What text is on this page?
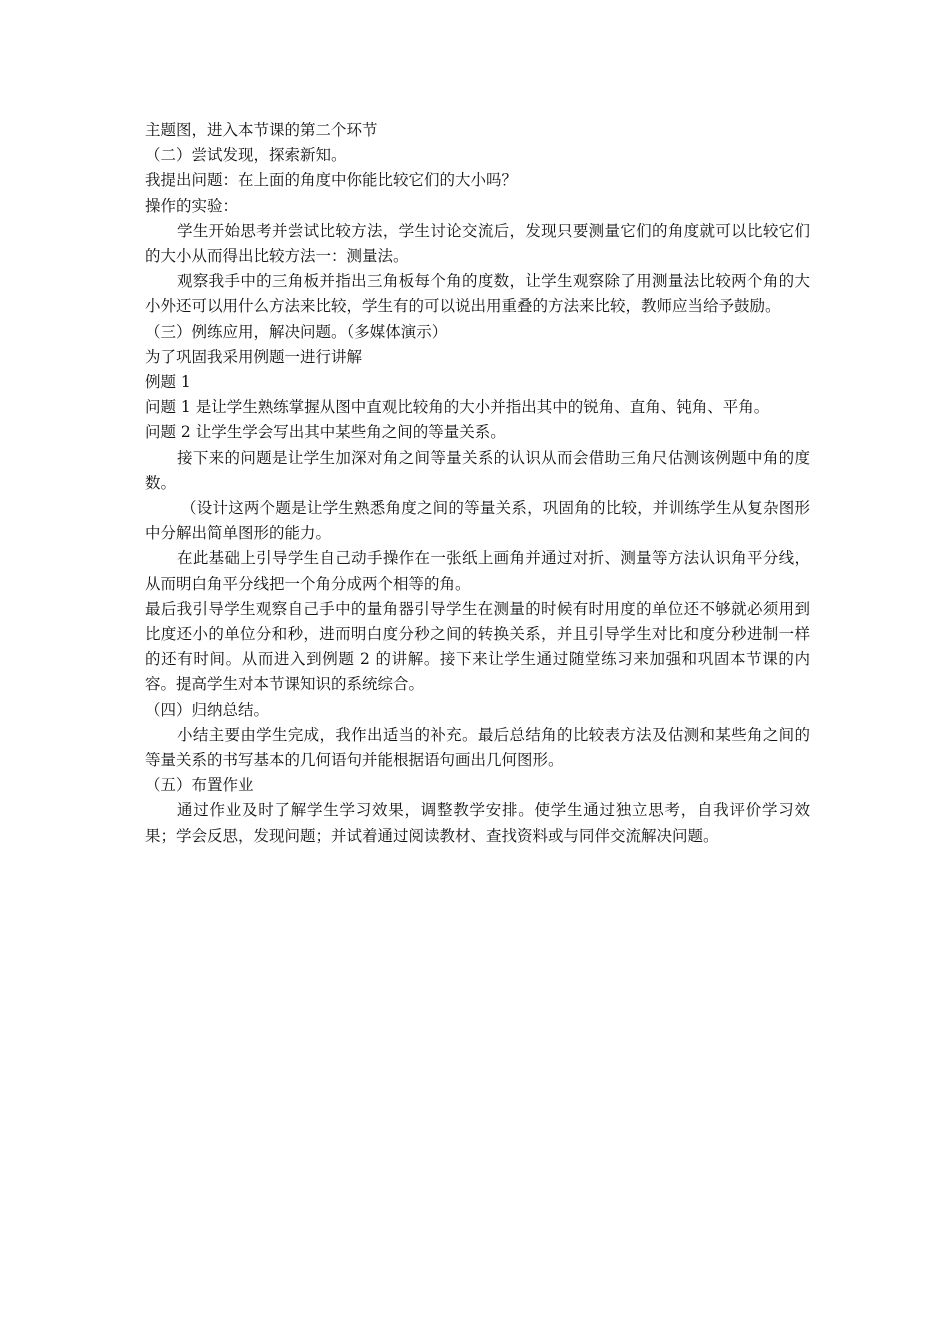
主题图，进入本节课的第二个环节

（二）尝试发现，探索新知。

我提出问题：在上面的角度中你能比较它们的大小吗？

操作的实验：

学生开始思考并尝试比较方法，学生讨论交流后，发现只要测量它们的角度就可以比较它们的大小从而得出比较方法一：测量法。

观察我手中的三角板并指出三角板每个角的度数，让学生观察除了用测量法比较两个角的大小外还可以用什么方法来比较，学生有的可以说出用重叠的方法来比较，教师应当给予鼓励。

（三）例练应用，解决问题。（多媒体演示）

为了巩固我采用例题一进行讲解

例题 1

问题 1 是让学生熟练掌握从图中直观比较角的大小并指出其中的锐角、直角、钝角、平角。

问题 2 让学生学会写出其中某些角之间的等量关系。

接下来的问题是让学生加深对角之间等量关系的认识从而会借助三角尺估测该例题中角的度数。

（设计这两个题是让学生熟悉角度之间的等量关系，巩固角的比较，并训练学生从复杂图形中分解出简单图形的能力。

在此基础上引导学生自己动手操作在一张纸上画角并通过对折、测量等方法认识角平分线，从而明白角平分线把一个角分成两个相等的角。

最后我引导学生观察自己手中的量角器引导学生在测量的时候有时用度的单位还不够就必须用到比度还小的单位分和秒，进而明白度分秒之间的转换关系，并且引导学生对比和度分秒进制一样的还有时间。从而进入到例题 2 的讲解。接下来让学生通过随堂练习来加强和巩固本节课的内容。提高学生对本节课知识的系统综合。

（四）归纳总结。

小结主要由学生完成，我作出适当的补充。最后总结角的比较表方法及估测和某些角之间的等量关系的书写基本的几何语句并能根据语句画出几何图形。

（五）布置作业

通过作业及时了解学生学习效果，调整教学安排。使学生通过独立思考，自我评价学习效果；学会反思，发现问题；并试着通过阅读教材、查找资料或与同伴交流解决问题。
